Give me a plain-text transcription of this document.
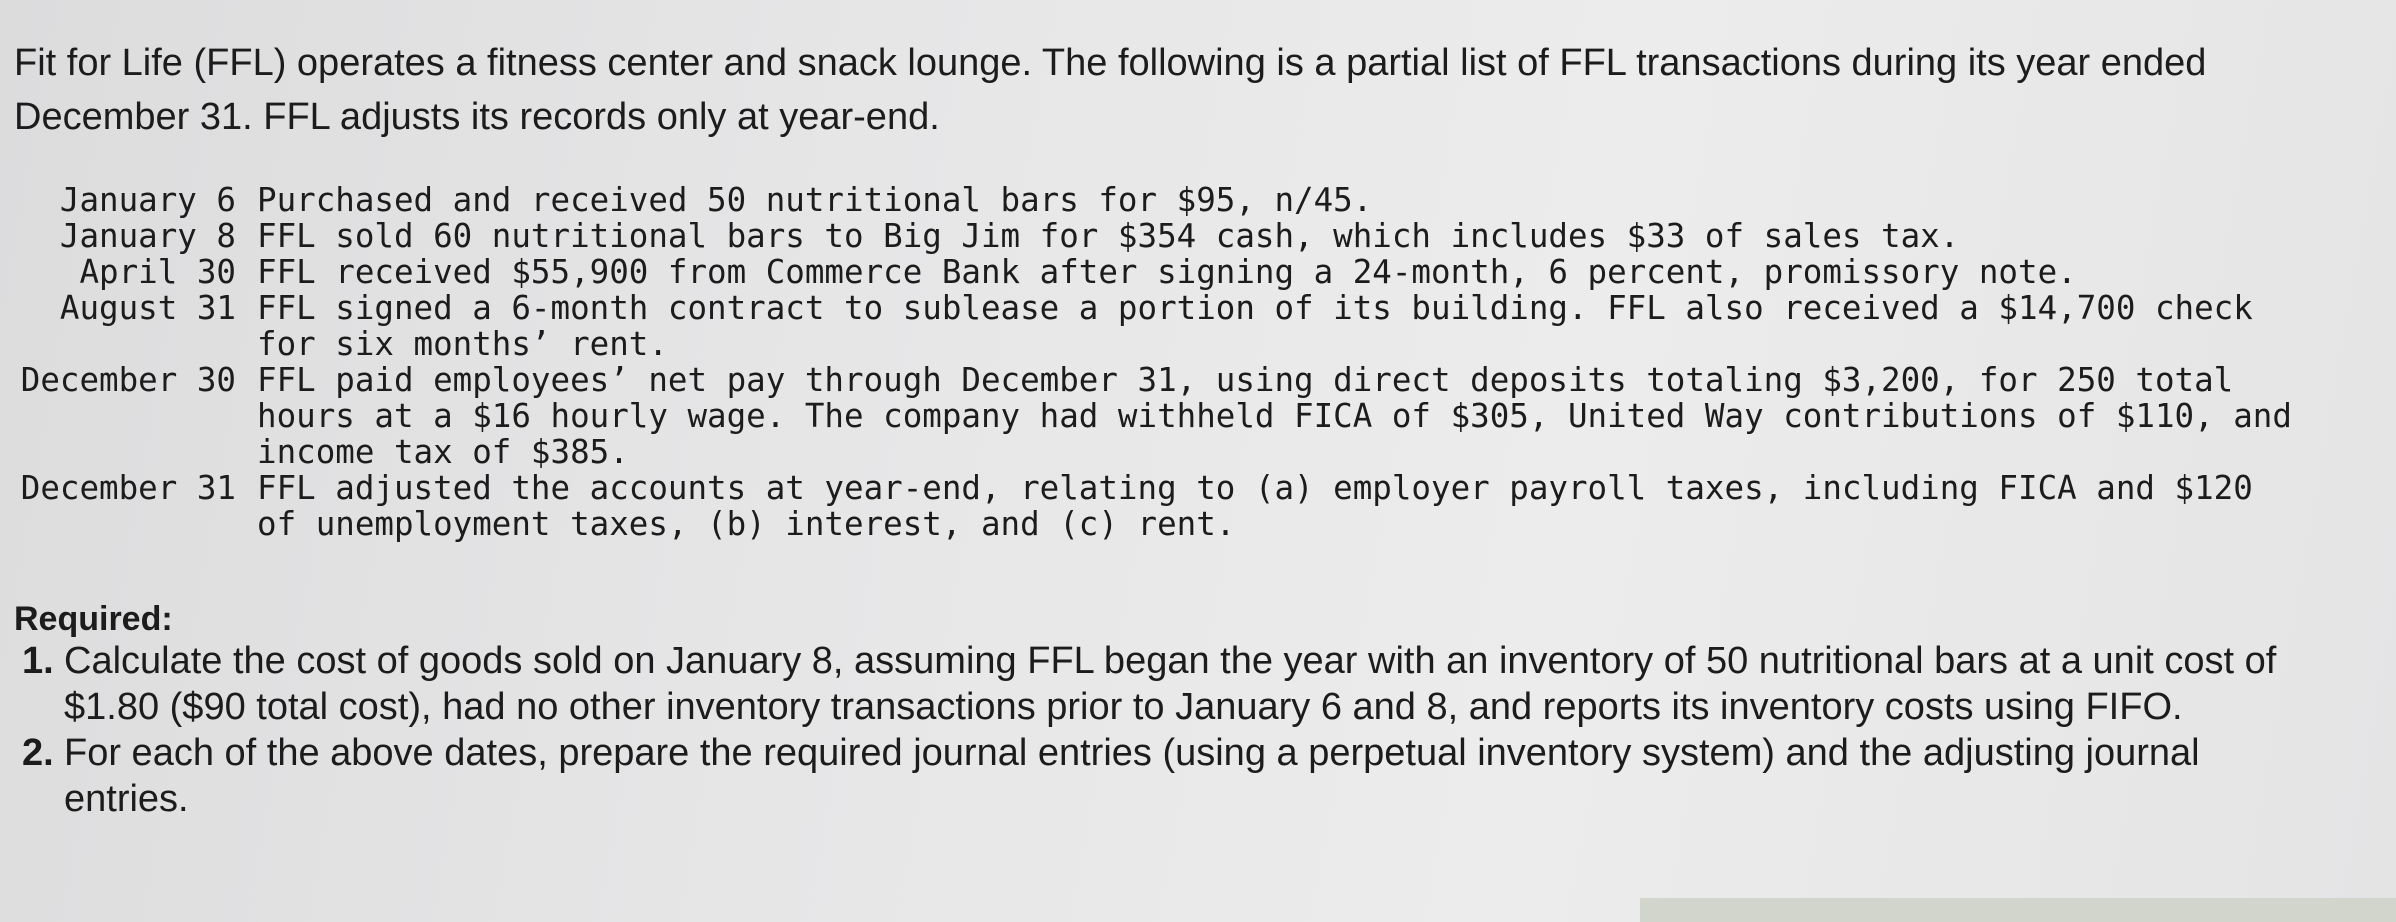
Fit for Life (FFL) operates a fitness center and snack lounge. The following is a partial list of FFL transactions during its year ended December 31. FFL adjusts its records only at year-end.

January 6 Purchased and received 50 nutritional bars for $95, n/45.
January 8 FFL sold 60 nutritional bars to Big Jim for $354 cash, which includes $33 of sales tax.
April 30 FFL received $55,900 from Commerce Bank after signing a 24-month, 6 percent, promissory note.
August 31 FFL signed a 6-month contract to sublease a portion of its building. FFL also received a $14,700 check for six months’ rent.
December 30 FFL paid employees’ net pay through December 31, using direct deposits totaling $3,200, for 250 total hours at a $16 hourly wage. The company had withheld FICA of $305, United Way contributions of $110, and income tax of $385.
December 31 FFL adjusted the accounts at year-end, relating to (a) employer payroll taxes, including FICA and $120 of unemployment taxes, (b) interest, and (c) rent.
Required:
1. Calculate the cost of goods sold on January 8, assuming FFL began the year with an inventory of 50 nutritional bars at a unit cost of $1.80 ($90 total cost), had no other inventory transactions prior to January 6 and 8, and reports its inventory costs using FIFO.
2. For each of the above dates, prepare the required journal entries (using a perpetual inventory system) and the adjusting journal entries.
